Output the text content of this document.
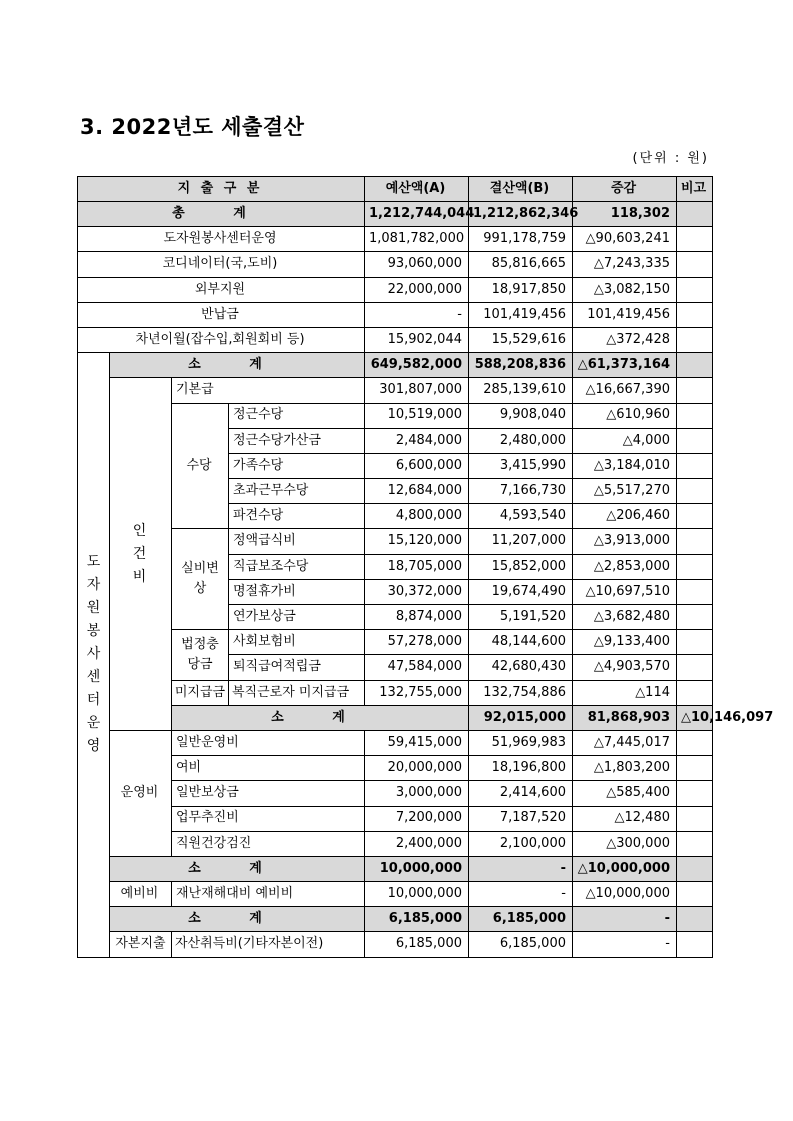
3. 2022년도 세출결산
(단위 : 원)
지 출 구 분				예산액(A)	결산액(B)	증감	비고	
총 계				1,212,744,044	1,212,862,346	118,302		
도자원봉사센터운영				1,081,782,000	991,178,759	△90,603,241		
코디네이터(국,도비)				93,060,000	85,816,665	△7,243,335		
외부지원				22,000,000	18,917,850	△3,082,150		
반납금				-	101,419,456	101,419,456		
차년이월(잡수입,회원회비 등)				15,902,044	15,529,616	△372,428		
도자원봉사센터운영	소 계			649,582,000	588,208,836	△61,373,164		
	인건비	기본급		301,807,000	285,139,610	△16,667,390		
		수당	정근수당	10,519,000	9,908,040	△610,960		
			정근수당가산금	2,484,000	2,480,000	△4,000		
			가족수당	6,600,000	3,415,990	△3,184,010		
			초과근무수당	12,684,000	7,166,730	△5,517,270		
			파견수당	4,800,000	4,593,540	△206,460		
		실비변상	정액급식비	15,120,000	11,207,000	△3,913,000		
			직급보조수당	18,705,000	15,852,000	△2,853,000		
			명절휴가비	30,372,000	19,674,490	△10,697,510		
			연가보상금	8,874,000	5,191,520	△3,682,480		
		법정충당금	사회보험비	57,278,000	48,144,600	△9,133,400		
			퇴직급여적립금	47,584,000	42,680,430	△4,903,570		
		미지급금	복직근로자 미지급금	132,755,000	132,754,886	△114		
		소 계			92,015,000	81,868,903	△10,146,097	
	운영비	일반운영비		59,415,000	51,969,983	△7,445,017		
		여비		20,000,000	18,196,800	△1,803,200		
		일반보상금		3,000,000	2,414,600	△585,400		
		업무추진비		7,200,000	7,187,520	△12,480		
		직원건강검진		2,400,000	2,100,000	△300,000		
	소 계			10,000,000	-	△10,000,000		
	예비비	재난재해대비 예비비		10,000,000	-	△10,000,000		
	소 계			6,185,000	6,185,000	-		
	자본지출	자산취득비(기타자본이전)		6,185,000	6,185,000	-		
